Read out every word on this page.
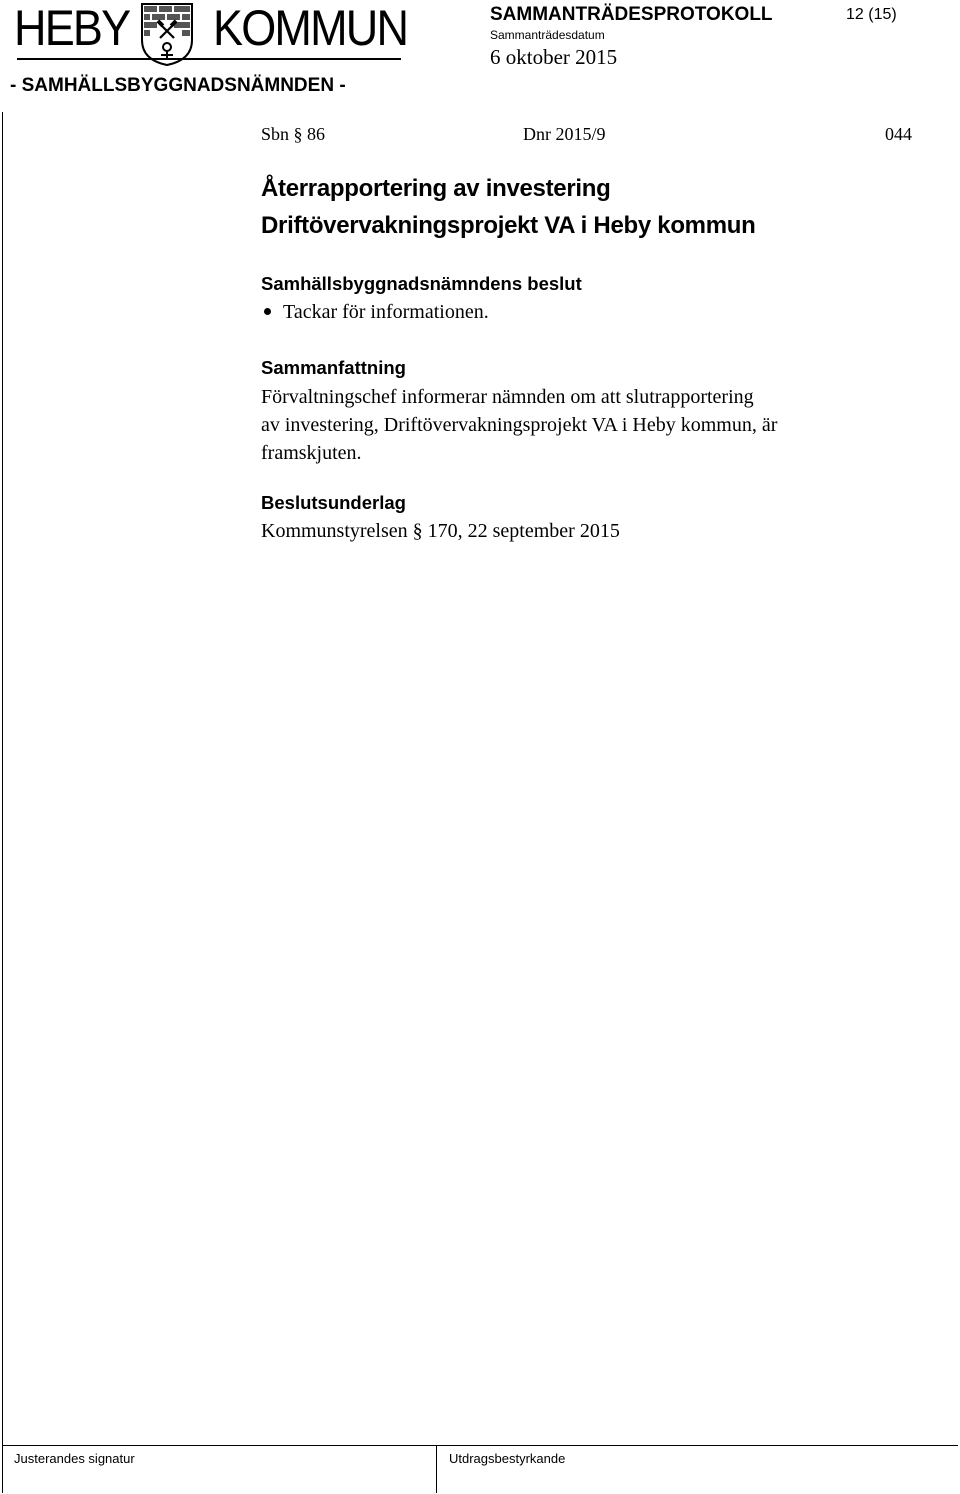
HEBY KOMMUN
- SAMHÄLLSBYGGNADSNÄMNDEN -
SAMMANTRÄDESPROTOKOLL	12 (15)
Sammanträdesdatum
6 oktober 2015
Sbn § 86	Dnr 2015/9	044
Återrapportering av investering
Driftövervakningsprojekt VA i Heby kommun
Samhällsbyggnadsnämndens beslut
Tackar för informationen.
Sammanfattning
Förvaltningschef informerar nämnden om att slutrapportering
av investering, Driftövervakningsprojekt VA i Heby kommun, är
framskjuten.
Beslutsunderlag
Kommunstyrelsen § 170, 22 september 2015
Justerandes signatur	Utdragsbestyrkande
